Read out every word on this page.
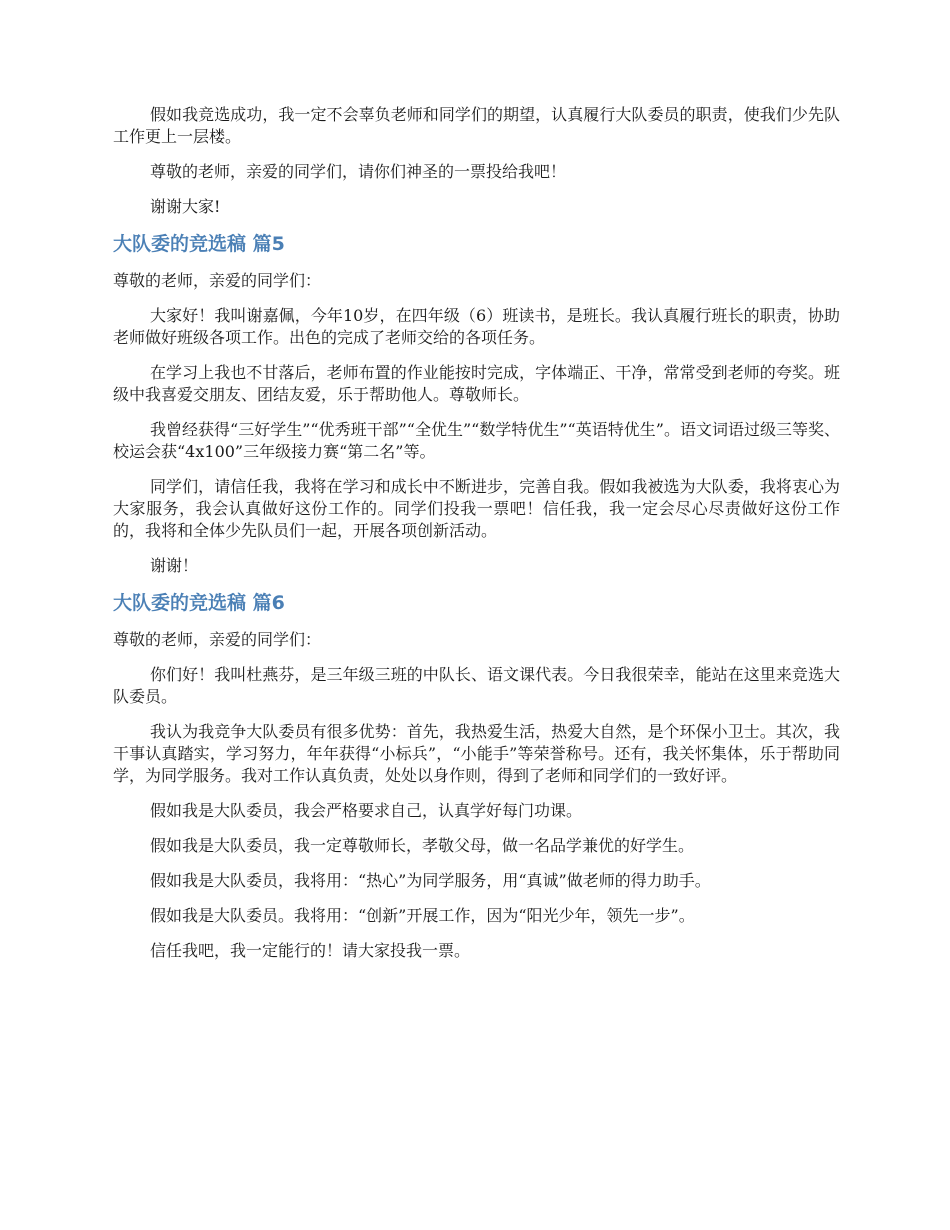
假如我竞选成功，我一定不会辜负老师和同学们的期望，认真履行大队委员的职责，使我们少先队工作更上一层楼。

尊敬的老师，亲爱的同学们，请你们神圣的一票投给我吧！

谢谢大家!

大队委的竞选稿 篇5

尊敬的老师，亲爱的同学们：

大家好！我叫谢嘉佩，今年10岁，在四年级（6）班读书，是班长。我认真履行班长的职责，协助老师做好班级各项工作。出色的完成了老师交给的各项任务。

在学习上我也不甘落后，老师布置的作业能按时完成，字体端正、干净，常常受到老师的夸奖。班级中我喜爱交朋友、团结友爱，乐于帮助他人。尊敬师长。

我曾经获得“三好学生”“优秀班干部”“全优生”“数学特优生”“英语特优生”。语文词语过级三等奖、校运会获“4x100”三年级接力赛“第二名”等。

同学们，请信任我，我将在学习和成长中不断进步，完善自我。假如我被选为大队委，我将衷心为大家服务，我会认真做好这份工作的。同学们投我一票吧！信任我，我一定会尽心尽责做好这份工作的，我将和全体少先队员们一起，开展各项创新活动。

谢谢！

大队委的竞选稿 篇6

尊敬的老师，亲爱的同学们：

你们好！我叫杜燕芬，是三年级三班的中队长、语文课代表。今日我很荣幸，能站在这里来竞选大队委员。

我认为我竞争大队委员有很多优势：首先，我热爱生活，热爱大自然，是个环保小卫士。其次，我干事认真踏实，学习努力，年年获得“小标兵”，“小能手”等荣誉称号。还有，我关怀集体，乐于帮助同学，为同学服务。我对工作认真负责，处处以身作则，得到了老师和同学们的一致好评。

假如我是大队委员，我会严格要求自己，认真学好每门功课。

假如我是大队委员，我一定尊敬师长，孝敬父母，做一名品学兼优的好学生。

假如我是大队委员，我将用：“热心”为同学服务，用“真诚”做老师的得力助手。

假如我是大队委员。我将用：“创新”开展工作，因为“阳光少年，领先一步”。

信任我吧，我一定能行的！请大家投我一票。
